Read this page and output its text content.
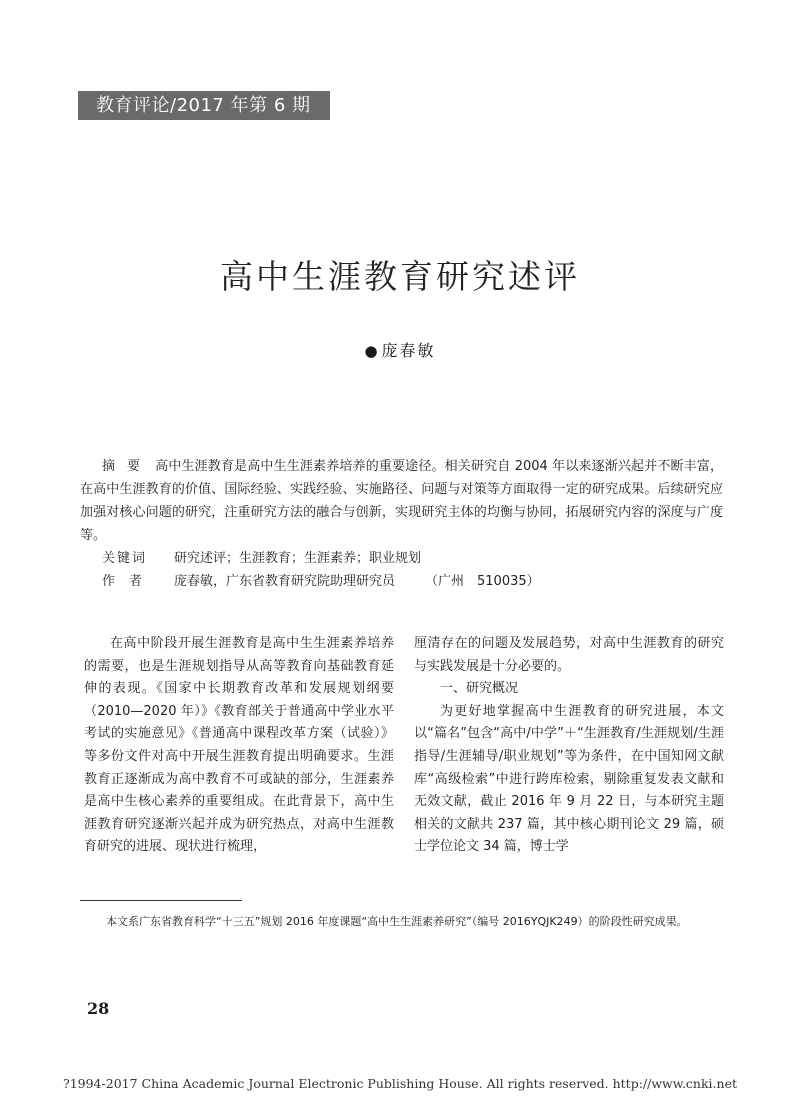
教育评论/2017 年第 6 期
高中生涯教育研究述评
● 庞春敏

摘要 高中生涯教育是高中生生涯素养培养的重要途径。相关研究自 2004 年以来逐渐兴起并不断丰富，在高中生涯教育的价值、国际经验、实践经验、实施路径、问题与对策等方面取得一定的研究成果。后续研究应加强对核心问题的研究，注重研究方法的融合与创新，实现研究主体的均衡与协同，拓展研究内容的深度与广度等。

关键词 研究述评；生涯教育；生涯素养；职业规划

作者 庞春敏，广东省教育研究院助理研究员 （广州　510035）

在高中阶段开展生涯教育是高中生生涯素养培养的需要，也是生涯规划指导从高等教育向基础教育延伸的表现。《国家中长期教育改革和发展规划纲要（2010—2020 年）》《教育部关于普通高中学业水平考试的实施意见》《普通高中课程改革方案（试验）》等多份文件对高中开展生涯教育提出明确要求。生涯教育正逐渐成为高中教育不可或缺的部分，生涯素养是高中生核心素养的重要组成。在此背景下，高中生涯教育研究逐渐兴起并成为研究热点，对高中生涯教育研究的进展、现状进行梳理，

厘清存在的问题及发展趋势，对高中生涯教育的研究与实践发展是十分必要的。

一、研究概况

为更好地掌握高中生涯教育的研究进展，本文以“篇名”包含“高中/中学”＋“生涯教育/生涯规划/生涯指导/生涯辅导/职业规划”等为条件，在中国知网文献库“高级检索”中进行跨库检索，剔除重复发表文献和无效文献，截止 2016 年 9 月 22 日，与本研究主题相关的文献共 237 篇，其中核心期刊论文 29 篇，硕士学位论文 34 篇，博士学

本文系广东省教育科学“十三五”规划 2016 年度课题“高中生生涯素养研究”（编号 2016YQJK249）的阶段性研究成果。

28
?1994-2017 China Academic Journal Electronic Publishing House. All rights reserved. http://www.cnki.net
